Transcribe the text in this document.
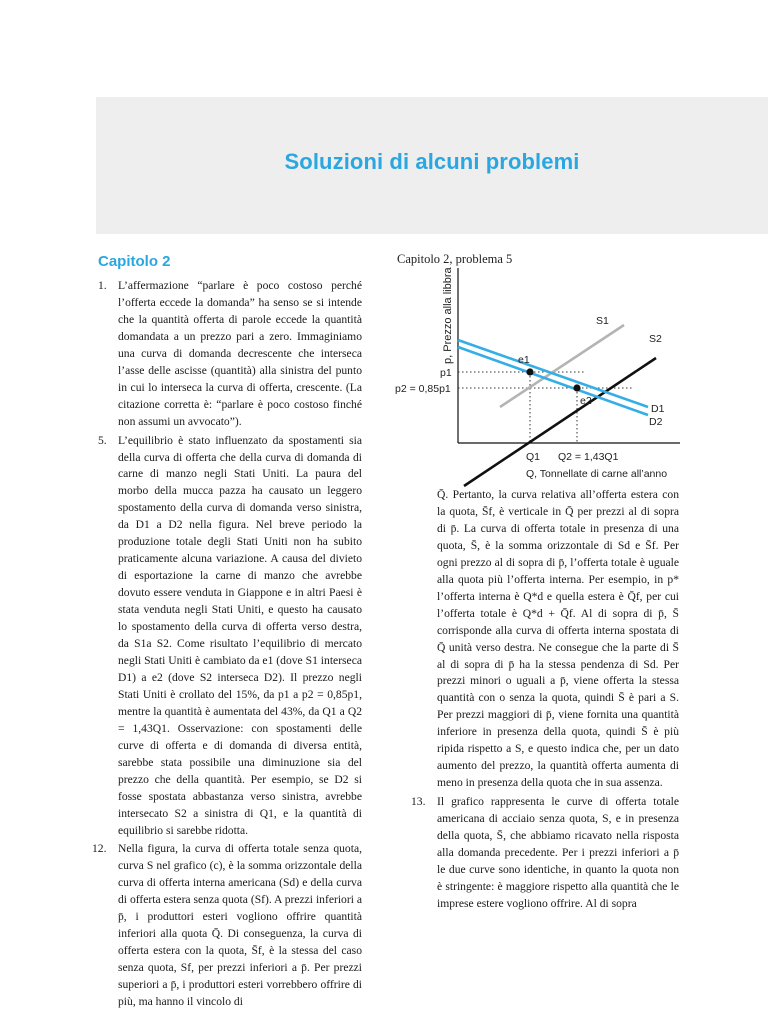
Soluzioni di alcuni problemi
Capitolo 2	Capitolo 2, problema 5
p, Prezzo alla libbra	S1
S2
D1
D2
e1
e2
p1
p2 = 0,85p1
Q1 Q2 = 1,43Q1
Q, Tonnellate di carne all’anno

1. L’affermazione “parlare è poco costoso perché l’offerta eccede la domanda” ha senso se si intende che la quantità offerta di parole eccede la quantità domandata a un prezzo pari a zero. Immaginiamo una curva di domanda decrescente che interseca l’asse delle ascisse (quantità) alla sinistra del punto in cui lo interseca la curva di offerta, crescente. (La citazione corretta è: “parlare è poco costoso finché non assumi un avvocato”).

5. L’equilibrio è stato influenzato da spostamenti sia della curva di offerta che della curva di domanda di carne di manzo negli Stati Uniti. La paura del morbo della mucca pazza ha causato un leggero spostamento della curva di domanda verso sinistra, da D1 a D2 nella figura. Nel breve periodo la produzione totale degli Stati Uniti non ha subito praticamente alcuna variazione. A causa del divieto di esportazione la carne di manzo che avrebbe dovuto essere venduta in Giappone e in altri Paesi è stata venduta negli Stati Uniti, e questo ha causato lo spostamento della curva di offerta verso destra, da S1a S2. Come risultato l’equilibrio di mercato negli Stati Uniti è cambiato da e1 (dove S1 interseca D1) a e2 (dove S2 interseca D2). Il prezzo negli Stati Uniti è crollato del 15%, da p1 a p2 = 0,85p1, mentre la quantità è aumentata del 43%, da Q1 a Q2 = 1,43Q1. Osservazione: con spostamenti delle curve di offerta e di domanda di diversa entità, sarebbe stata possibile una diminuzione sia del prezzo che della quantità. Per esempio, se D2 si fosse spostata abbastanza verso sinistra, avrebbe intersecato S2 a sinistra di Q1, e la quantità di equilibrio si sarebbe ridotta.

12. Nella figura, la curva di offerta totale senza quota, curva S nel grafico (c), è la somma orizzontale della curva di offerta interna americana (Sd) e della curva di offerta estera senza quota (Sf). A prezzi inferiori a p̄, i produttori esteri vogliono offrire quantità inferiori alla quota Q̄. Di conseguenza, la curva di offerta estera con la quota, S̄f, è la stessa del caso senza quota, Sf, per prezzi inferiori a p̄. Per prezzi superiori a p̄, i produttori esteri vorrebbero offrire di più, ma hanno il vincolo di

Q̄. Pertanto, la curva relativa all’offerta estera con la quota, S̄f, è verticale in Q̄ per prezzi al di sopra di p̄. La curva di offerta totale in presenza di una quota, S̄, è la somma orizzontale di Sd e S̄f. Per ogni prezzo al di sopra di p̄, l’offerta totale è uguale alla quota più l’offerta interna. Per esempio, in p* l’offerta interna è Q*d e quella estera è Q̄f, per cui l’offerta totale è Q*d + Q̄f. Al di sopra di p̄, S̄ corrisponde alla curva di offerta interna spostata di Q̄ unità verso destra. Ne consegue che la parte di S̄ al di sopra di p̄ ha la stessa pendenza di Sd. Per prezzi minori o uguali a p̄, viene offerta la stessa quantità con o senza la quota, quindi S̄ è pari a S. Per prezzi maggiori di p̄, viene fornita una quantità inferiore in presenza della quota, quindi S̄ è più ripida rispetto a S, e questo indica che, per un dato aumento del prezzo, la quantità offerta aumenta di meno in presenza della quota che in sua assenza.

13. Il grafico rappresenta le curve di offerta totale americana di acciaio senza quota, S, e in presenza della quota, S̄, che abbiamo ricavato nella risposta alla domanda precedente. Per i prezzi inferiori a p̄ le due curve sono identiche, in quanto la quota non è stringente: è maggiore rispetto alla quantità che le imprese estere vogliono offrire. Al di sopra
